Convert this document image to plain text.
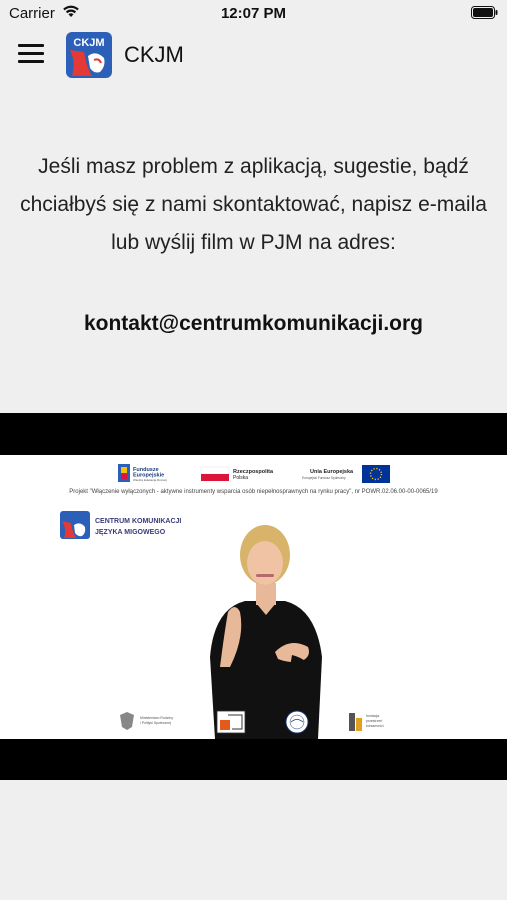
Carrier	12:07 PM
CKJM CKJM
Jeśli masz problem z aplikacją, sugestie, bądź
chciałbyś się z nami skontaktować, napisz e-maila
lub wyślij film w PJM na adres:
kontakt@centrumkomunikacji.org
Fundusze
Europejskie
Wiedza Edukacja Rozwój
Rzeczpospolita
Polska
Unia Europejska
Europejski Fundusz Społeczny
Projekt "Włączenie wyłączonych - aktywne instrumenty wsparcia osób niepełnosprawnych na rynku pracy", nr POWR.02.06.00-00-0065/19
CENTRUM KOMUNIKACJI
JĘZYKA MIGOWEGO
Ministerstwo Rodziny
i Polityki Społecznej
fundacja
przestrzeń
tożsamości
